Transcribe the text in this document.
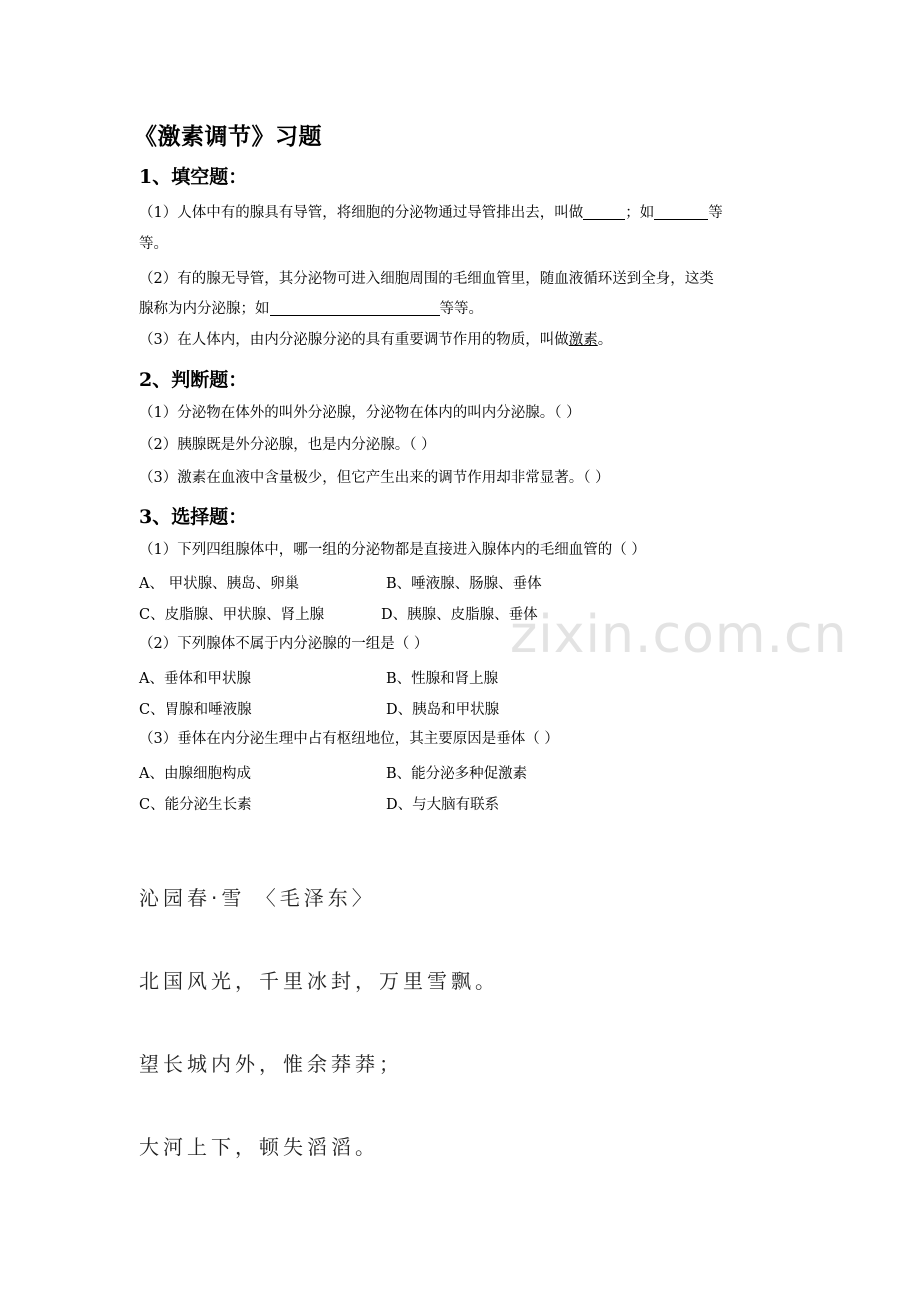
zixin.com.cn
《激素调节》习题
1、填空题：
（1）人体中有的腺具有导管，将细胞的分泌物通过导管排出去，叫做	；如	等
等。
（2）有的腺无导管，其分泌物可进入细胞周围的毛细血管里，随血液循环送到全身，这类
腺称为内分泌腺；如	等等。
（3）在人体内，由内分泌腺分泌的具有重要调节作用的物质，叫做激素。
2、判断题：
（1）分泌物在体外的叫外分泌腺，分泌物在体内的叫内分泌腺。（ ）
（2）胰腺既是外分泌腺，也是内分泌腺。（ ）
（3）激素在血液中含量极少，但它产生出来的调节作用却非常显著。（ ）
3、选择题：
（1）下列四组腺体中，哪一组的分泌物都是直接进入腺体内的毛细血管的（ ）
A、 甲状腺、胰岛、卵巢	B、唾液腺、肠腺、垂体
C、皮脂腺、甲状腺、肾上腺	D、胰腺、皮脂腺、垂体
（2）下列腺体不属于内分泌腺的一组是（ ）
A、垂体和甲状腺	B、性腺和肾上腺
C、胃腺和唾液腺	D、胰岛和甲状腺
（3）垂体在内分泌生理中占有枢纽地位，其主要原因是垂体（ ）
A、由腺细胞构成	B、能分泌多种促激素
C、能分泌生长素	D、与大脑有联系
沁园春·雪 〈毛泽东〉
北国风光，千里冰封，万里雪飘。
望长城内外，惟余莽莽；
大河上下，顿失滔滔。
